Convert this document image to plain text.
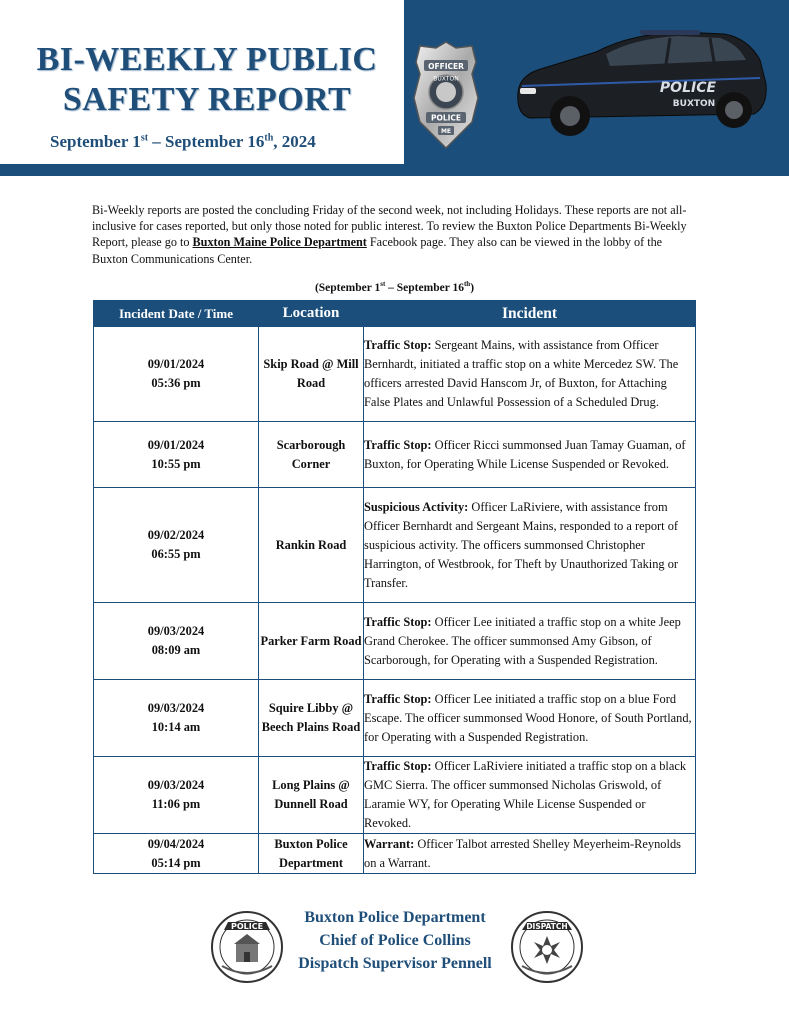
BI-WEEKLY PUBLIC
SAFETY REPORT
September 1st – September 16th, 2024
OFFICER
BUXTON
POLICE
ME
POLICE
BUXTON
Bi-Weekly reports are posted the concluding Friday of the second week, not including Holidays. These reports are not all-inclusive for cases reported, but only those noted for public interest. To review the Buxton Police Departments Bi-Weekly Report, please go to Buxton Maine Police Department Facebook page. They also can be viewed in the lobby of the Buxton Communications Center.
(September 1st – September 16th)
Incident Date / Time	Location	Incident

09/01/2024
05:36 pm	Skip Road @ Mill Road	Traffic Stop: Sergeant Mains, with assistance from Officer Bernhardt, initiated a traffic stop on a white Mercedez SW. The officers arrested David Hanscom Jr, of Buxton, for Attaching False Plates and Unlawful Possession of a Scheduled Drug.

09/01/2024
10:55 pm	Scarborough Corner	Traffic Stop: Officer Ricci summonsed Juan Tamay Guaman, of Buxton, for Operating While License Suspended or Revoked.

09/02/2024
06:55 pm	Rankin Road	Suspicious Activity: Officer LaRiviere, with assistance from Officer Bernhardt and Sergeant Mains, responded to a report of suspicious activity. The officers summonsed Christopher Harrington, of Westbrook, for Theft by Unauthorized Taking or Transfer.

09/03/2024
08:09 am	Parker Farm Road	Traffic Stop: Officer Lee initiated a traffic stop on a white Jeep Grand Cherokee. The officer summonsed Amy Gibson, of Scarborough, for Operating with a Suspended Registration.

09/03/2024
10:14 am	Squire Libby @ Beech Plains Road	Traffic Stop: Officer Lee initiated a traffic stop on a blue Ford Escape. The officer summonsed Wood Honore, of South Portland, for Operating with a Suspended Registration.

09/03/2024
11:06 pm	Long Plains @ Dunnell Road	Traffic Stop: Officer LaRiviere initiated a traffic stop on a black GMC Sierra. The officer summonsed Nicholas Griswold, of Laramie WY, for Operating While License Suspended or Revoked.

09/04/2024
05:14 pm	Buxton Police Department	Warrant: Officer Talbot arrested Shelley Meyerheim-Reynolds on a Warrant.
POLICE
Buxton Police Department
Chief of Police Collins
Dispatch Supervisor Pennell
DISPATCH
